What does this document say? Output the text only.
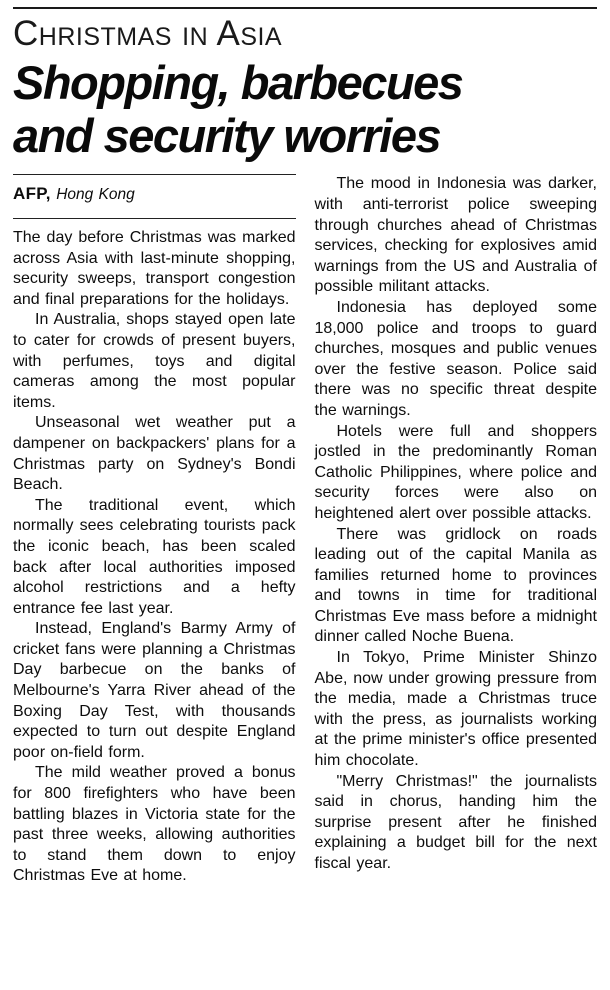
Christmas in Asia
Shopping, barbecues
and security worries
AFP, Hong Kong

The day before Christmas was marked across Asia with last-minute shopping, security sweeps, transport congestion and final preparations for the holidays.

In Australia, shops stayed open late to cater for crowds of present buyers, with perfumes, toys and digital cameras among the most popular items.

Unseasonal wet weather put a dampener on backpackers' plans for a Christmas party on Sydney's Bondi Beach.

The traditional event, which normally sees celebrating tourists pack the iconic beach, has been scaled back after local authorities imposed alcohol restrictions and a hefty entrance fee last year.

Instead, England's Barmy Army of cricket fans were planning a Christmas Day barbecue on the banks of Melbourne's Yarra River ahead of the Boxing Day Test, with thousands expected to turn out despite England poor on-field form.

The mild weather proved a bonus for 800 firefighters who have been battling blazes in Victoria state for the past three weeks, allowing authorities to stand them down to enjoy Christmas Eve at home.

The mood in Indonesia was darker, with anti-terrorist police sweeping through churches ahead of Christmas services, checking for explosives amid warnings from the US and Australia of possible militant attacks.

Indonesia has deployed some 18,000 police and troops to guard churches, mosques and public venues over the festive season. Police said there was no specific threat despite the warnings.

Hotels were full and shoppers jostled in the predominantly Roman Catholic Philippines, where police and security forces were also on heightened alert over possible attacks.

There was gridlock on roads leading out of the capital Manila as families returned home to provinces and towns in time for traditional Christmas Eve mass before a midnight dinner called Noche Buena.

In Tokyo, Prime Minister Shinzo Abe, now under growing pressure from the media, made a Christmas truce with the press, as journalists working at the prime minister's office presented him chocolate.

"Merry Christmas!" the journalists said in chorus, handing him the surprise present after he finished explaining a budget bill for the next fiscal year.
